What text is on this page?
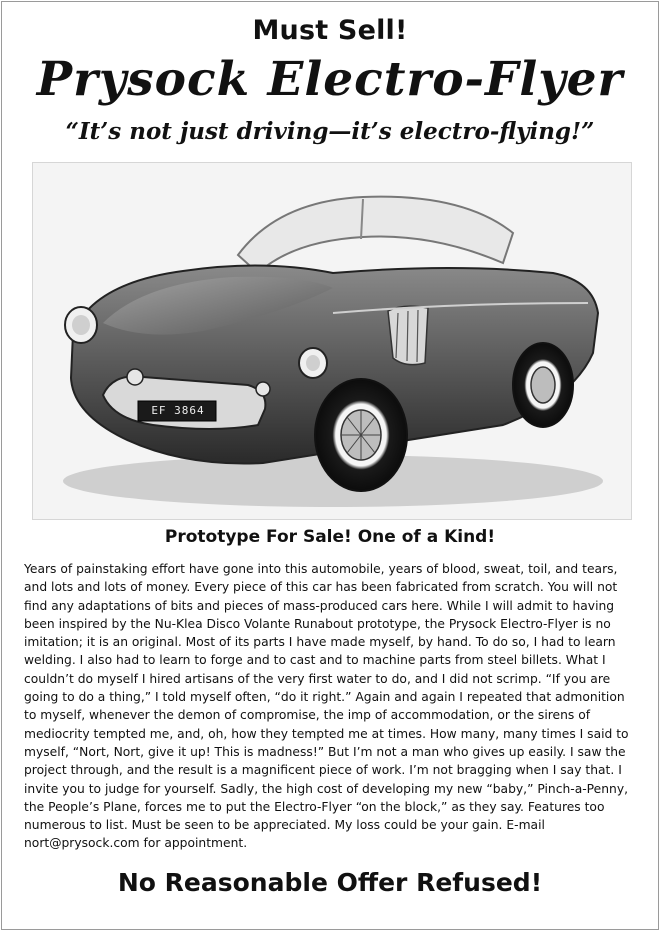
Must Sell!
Prysock Electro-Flyer
“It’s not just driving—it’s electro-flying!”
EF 3864
Prototype For Sale! One of a Kind!

Years of painstaking effort have gone into this automobile, years of blood, sweat, toil, and tears, and lots and lots of money. Every piece of this car has been fabricated from scratch. You will not find any adaptations of bits and pieces of mass-produced cars here. While I will admit to having been inspired by the Nu-Klea Disco Volante Runabout prototype, the Prysock Electro-Flyer is no imitation; it is an original. Most of its parts I have made myself, by hand. To do so, I had to learn welding. I also had to learn to forge and to cast and to machine parts from steel billets. What I couldn’t do myself I hired artisans of the very first water to do, and I did not scrimp. “If you are going to do a thing,” I told myself often, “do it right.” Again and again I repeated that admonition to myself, whenever the demon of compromise, the imp of accommodation, or the sirens of mediocrity tempted me, and, oh, how they tempted me at times. How many, many times I said to myself, “Nort, Nort, give it up! This is madness!” But I’m not a man who gives up easily. I saw the project through, and the result is a magnificent piece of work. I’m not bragging when I say that. I invite you to judge for yourself. Sadly, the high cost of developing my new “baby,” Pinch-a-Penny, the People’s Plane, forces me to put the Electro-Flyer “on the block,” as they say. Features too numerous to list. Must be seen to be appreciated. My loss could be your gain. E-mail nort@prysock.com for appointment.

No Reasonable Offer Refused!
